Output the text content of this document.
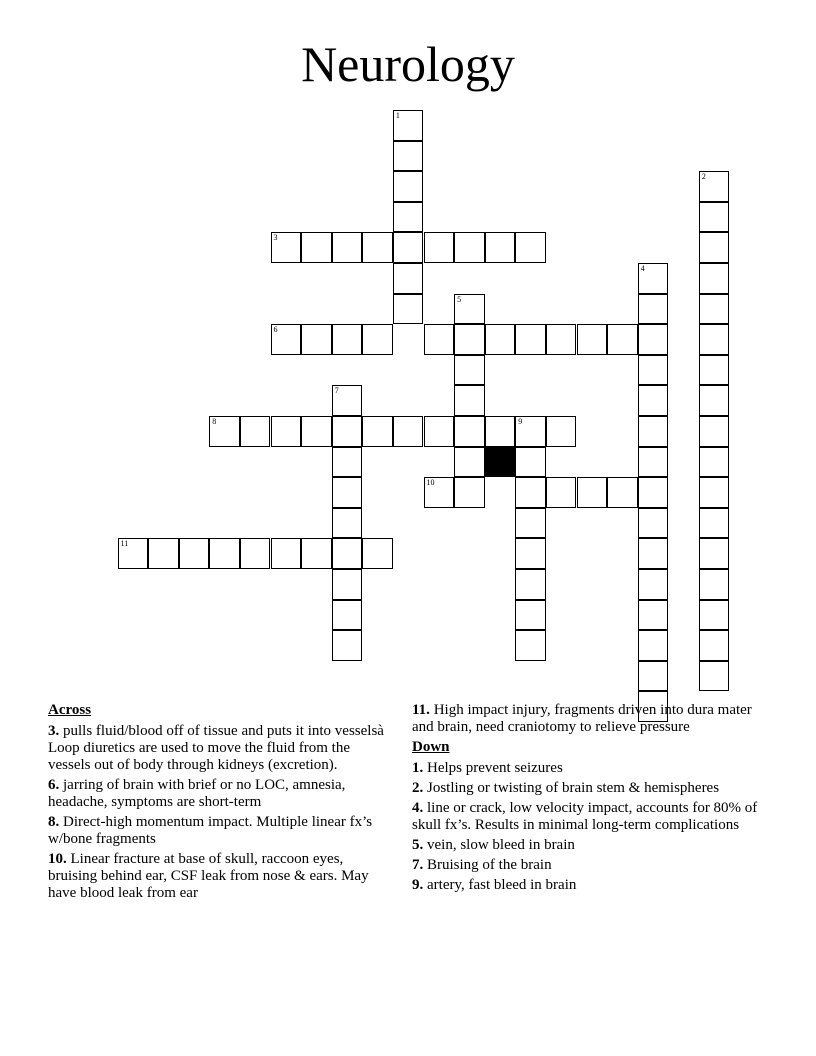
Neurology
1
3
2
4
5
6
7
8	9
10
11
Across
3. pulls fluid/blood off of tissue and puts it into vesselsà Loop diuretics are used to move the fluid from the vessels out of body through kidneys (excretion).
6. jarring of brain with brief or no LOC, amnesia, headache, symptoms are short-term
8. Direct-high momentum impact. Multiple linear fx’s w/bone fragments
10. Linear fracture at base of skull, raccoon eyes, bruising behind ear, CSF leak from nose & ears. May have blood leak from ear
11. High impact injury, fragments driven into dura mater and brain, need craniotomy to relieve pressure
Down
1. Helps prevent seizures
2. Jostling or twisting of brain stem & hemispheres
4. line or crack, low velocity impact, accounts for 80% of skull fx’s. Results in minimal long-term complications
5. vein, slow bleed in brain
7. Bruising of the brain
9. artery, fast bleed in brain
